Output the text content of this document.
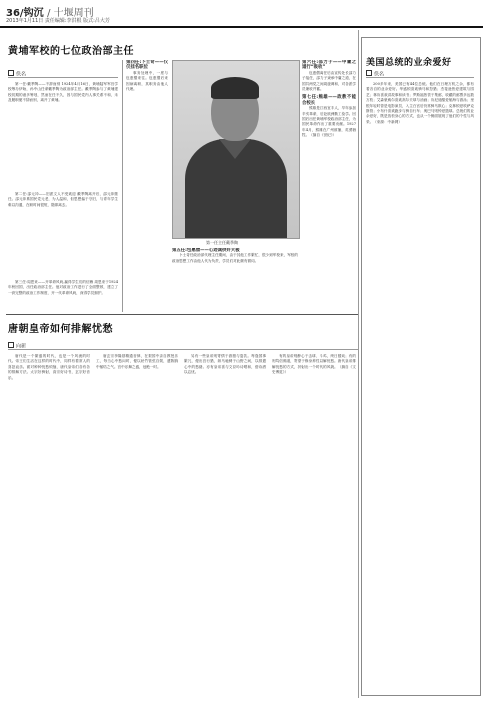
36/钩沉 / 十堰周刊
2013年1月11日 责任编辑:李洪根 版式:吕大芳
黄埔军校的七位政治部主任
佚名

第一任:戴季陶——不辞而别 1924年4月16日，黄埔陆军军官学校筹办伊始，孙中山任命戴季陶为政治部主任。戴季陶参与了黄埔建校初期的诸多筹划，然而在任不久，因与国民党内人事关系不和，未及履职便不辞而别，离开了黄埔。

第二任:邵元冲——旧派文人不受欢迎 戴季陶离开后，邵元冲继任。邵元冲系国民党元老，为人温和，但思想偏于守旧，与青年学生难以沟通，在职时间很短，随即离去。

第三任:周恩来——开革命风尚,赢得学生们的信赖 周恩来于1924年秋回国，出任政治部主任。他对政治工作进行了全面整顿，建立了一套完整的政治工作制度，开一代革命风尚，深得学员拥护。

第四任:卜士奇——仅仅挂名职位

事务处理中，一度与包惠僧来往。包惠僧后来因病离职，其职务由他人代理。

第一任主任戴季陶
第五任:包惠僧——心迹诚供奸天极

卜士奇任政治部代理主任期间，由于其他工作繁忙，很少到军校来，军校的政治思想工作由他人代为负责，学员们对此颇有微词。

第六任:邵力子——中庸之道行“吸收”

包惠僧离任后由宣传处长邵力子接任，邵力子秉承中庸之道，在国共两党之间周旋调和，对各派学员兼收并蓄。

第七任:熊雄——政教不能合校长

熊雄是江西宜丰人，早年参加辛亥革命，后赴欧洲勤工俭学。回国后出任黄埔军校政治部主任，为国民革命作出了重要贡献。1927年4月，熊雄在广州被捕，英勇牺牲。（摘自《世纪》）

唐朝皇帝如何排解忧愁
向新

唐代是一个繁盛的时代，也是一个风流的时代。帝王们生活在这样的时代中，同样有着常人的喜怒哀乐。面对种种忧愁烦恼，唐代皇帝们各有各的排解方法。太宗好骑射，高宗好诗书，玄宗好音乐。

唐玄宗李隆基精通音律，在梨园中亲自教授乐工，每当心中愁闷时，便以丝竹管弦自娱，遣散胸中郁结之气。宫中乐舞之盛，冠绝一时。

另有一些皇帝则寄情于游猎与宴饮。每逢国事繁冗，便出宫行猎，纵马驰骋于山野之间，以排遣心中的愁绪。亦有皇帝喜与文臣吟诗唱和，借诗酒以忘忧。

有的皇帝则醉心于击球、斗鸡，终日嬉戏；有的则笃信佛道，寄望于修身养性以解忧愁。唐代皇帝排解忧愁的方式，折射出一个时代的风貌。（摘自《文史博览》）

美国总统的业余爱好
佚名

200多年来，美国已有44位总统。他们在日理万机之余，都有着各自的业余爱好。华盛顿喜欢骑马和狩猎；杰斐逊热爱建筑与园艺；林肯喜欢讲故事和读书；罗斯福热衷于集邮，收藏的邮票多达数万枚；艾森豪威尔喜欢高尔夫球与油画；肯尼迪酷爱航海与游泳；里根年轻时曾是电影演员，入主白宫后仍常骑马散心；克林顿爱吹萨克斯管；小布什喜欢跑步与骑自行车；奥巴马则钟爱篮球。总统们的业余爱好，既是放松身心的方式，也从一个侧面展现了他们的个性与风采。（来源：中新网）
